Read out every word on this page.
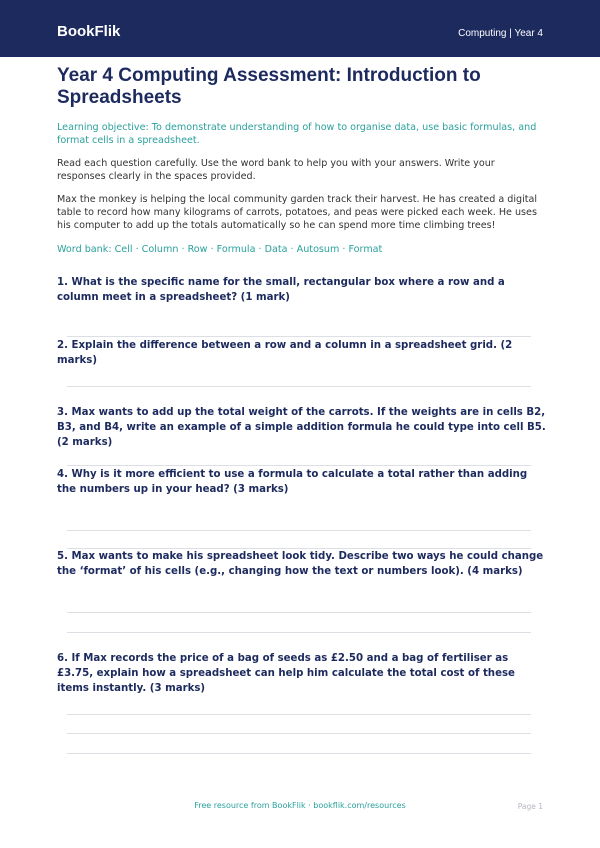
BookFlik	Computing | Year 4
Year 4 Computing Assessment: Introduction to Spreadsheets
Learning objective: To demonstrate understanding of how to organise data, use basic formulas, and format cells in a spreadsheet.
Read each question carefully. Use the word bank to help you with your answers. Write your responses clearly in the spaces provided.
Max the monkey is helping the local community garden track their harvest. He has created a digital table to record how many kilograms of carrots, potatoes, and peas were picked each week. He uses his computer to add up the totals automatically so he can spend more time climbing trees!
Word bank: Cell · Column · Row · Formula · Data · Autosum · Format
1. What is the specific name for the small, rectangular box where a row and a column meet in a spreadsheet? (1 mark)
2. Explain the difference between a row and a column in a spreadsheet grid. (2 marks)
3. Max wants to add up the total weight of the carrots. If the weights are in cells B2, B3, and B4, write an example of a simple addition formula he could type into cell B5. (2 marks)
4. Why is it more efficient to use a formula to calculate a total rather than adding the numbers up in your head? (3 marks)
5. Max wants to make his spreadsheet look tidy. Describe two ways he could change the ‘format’ of his cells (e.g., changing how the text or numbers look). (4 marks)
6. If Max records the price of a bag of seeds as £2.50 and a bag of fertiliser as £3.75, explain how a spreadsheet can help him calculate the total cost of these items instantly. (3 marks)
Free resource from BookFlik · bookflik.com/resources	Page 1
